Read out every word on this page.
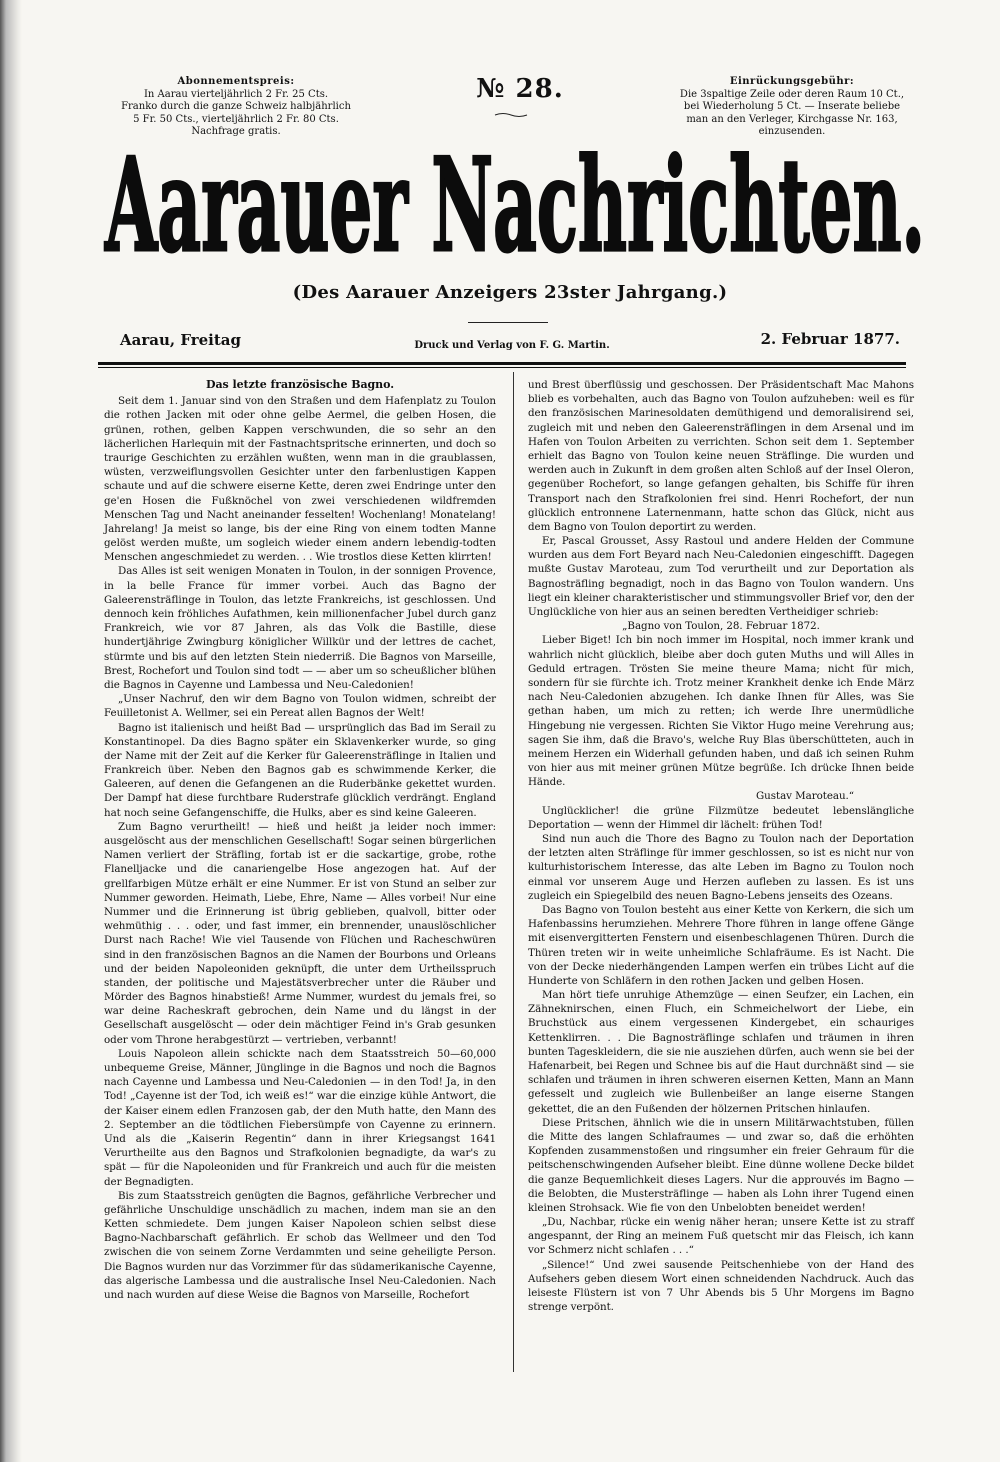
Abonnementspreis:
In Aarau vierteljährlich 2 Fr. 25 Cts.
Franko durch die ganze Schweiz halbjährlich
5 Fr. 50 Cts., vierteljährlich 2 Fr. 80 Cts.
Nachfrage gratis.
№ 28.	Einrückungsgebühr:
Die 3spaltige Zeile oder deren Raum 10 Ct.,
bei Wiederholung 5 Ct. — Inserate beliebe
man an den Verleger, Kirchgasse Nr. 163,
einzusenden.
Aarauer Nachrichten.
(Des Aarauer Anzeigers 23ster Jahrgang.)
Aarau, Freitag	Druck und Verlag von F. G. Martin.	2. Februar 1877.

Das letzte französische Bagno.

Seit dem 1. Januar sind von den Straßen und dem Hafenplatz zu Toulon die rothen Jacken mit oder ohne gelbe Aermel, die gelben Hosen, die grünen, rothen, gelben Kappen verschwunden, die so sehr an den lächerlichen Harlequin mit der Fastnachtspritsche erinnerten, und doch so traurige Geschichten zu erzählen wußten, wenn man in die graublassen, wüsten, verzweiflungsvollen Gesichter unter den farbenlustigen Kappen schaute und auf die schwere eiserne Kette, deren zwei Endringe unter den ge'en Hosen die Fußknöchel von zwei verschiedenen wildfremden Menschen Tag und Nacht aneinander fesselten! Wochenlang! Monatelang! Jahrelang! Ja meist so lange, bis der eine Ring von einem todten Manne gelöst werden mußte, um sogleich wieder einem andern lebendig-todten Menschen angeschmiedet zu werden. . . Wie trostlos diese Ketten klirrten!

Das Alles ist seit wenigen Monaten in Toulon, in der sonnigen Provence, in la belle France für immer vorbei. Auch das Bagno der Galeerensträflinge in Toulon, das letzte Frankreichs, ist geschlossen. Und dennoch kein fröhliches Aufathmen, kein millionenfacher Jubel durch ganz Frankreich, wie vor 87 Jahren, als das Volk die Bastille, diese hundertjährige Zwingburg königlicher Willkür und der lettres de cachet, stürmte und bis auf den letzten Stein niederriß. Die Bagnos von Marseille, Brest, Rochefort und Toulon sind todt — — aber um so scheußlicher blühen die Bagnos in Cayenne und Lambessa und Neu-Caledonien!

„Unser Nachruf, den wir dem Bagno von Toulon widmen, schreibt der Feuilletonist A. Wellmer, sei ein Pereat allen Bagnos der Welt!

Bagno ist italienisch und heißt Bad — ursprünglich das Bad im Serail zu Konstantinopel. Da dies Bagno später ein Sklavenkerker wurde, so ging der Name mit der Zeit auf die Kerker für Galeerensträflinge in Italien und Frankreich über. Neben den Bagnos gab es schwimmende Kerker, die Galeeren, auf denen die Gefangenen an die Ruderbänke gekettet wurden. Der Dampf hat diese furchtbare Ruderstrafe glücklich verdrängt. England hat noch seine Gefangenschiffe, die Hulks, aber es sind keine Galeeren.

Zum Bagno verurtheilt! — hieß und heißt ja leider noch immer: ausgelöscht aus der menschlichen Gesellschaft! Sogar seinen bürgerlichen Namen verliert der Sträfling, fortab ist er die sackartige, grobe, rothe Flanelljacke und die canariengelbe Hose angezogen hat. Auf der grellfarbigen Mütze erhält er eine Nummer. Er ist von Stund an selber zur Nummer geworden. Heimath, Liebe, Ehre, Name — Alles vorbei! Nur eine Nummer und die Erinnerung ist übrig geblieben, qualvoll, bitter oder wehmüthig . . . oder, und fast immer, ein brennender, unauslöschlicher Durst nach Rache! Wie viel Tausende von Flüchen und Racheschwüren sind in den französischen Bagnos an die Namen der Bourbons und Orleans und der beiden Napoleoniden geknüpft, die unter dem Urtheilsspruch standen, der politische und Majestätsverbrecher unter die Räuber und Mörder des Bagnos hinabstieß! Arme Nummer, wurdest du jemals frei, so war deine Racheskraft gebrochen, dein Name und du längst in der Gesellschaft ausgelöscht — oder dein mächtiger Feind in's Grab gesunken oder vom Throne herabgestürzt — vertrieben, verbannt!

Louis Napoleon allein schickte nach dem Staatsstreich 50—60,000 unbequeme Greise, Männer, Jünglinge in die Bagnos und noch die Bagnos nach Cayenne und Lambessa und Neu-Caledonien — in den Tod! Ja, in den Tod! „Cayenne ist der Tod, ich weiß es!“ war die einzige kühle Antwort, die der Kaiser einem edlen Franzosen gab, der den Muth hatte, den Mann des 2. September an die tödtlichen Fiebersümpfe von Cayenne zu erinnern. Und als die „Kaiserin Regentin“ dann in ihrer Kriegsangst 1641 Verurtheilte aus den Bagnos und Strafkolonien begnadigte, da war's zu spät — für die Napoleoniden und für Frankreich und auch für die meisten der Begnadigten.

Bis zum Staatsstreich genügten die Bagnos, gefährliche Verbrecher und gefährliche Unschuldige unschädlich zu machen, indem man sie an den Ketten schmiedete. Dem jungen Kaiser Napoleon schien selbst diese Bagno-Nachbarschaft gefährlich. Er schob das Wellmeer und den Tod zwischen die von seinem Zorne Verdammten und seine geheiligte Person. Die Bagnos wurden nur das Vorzimmer für das südamerikanische Cayenne, das algerische Lambessa und die australische Insel Neu-Caledonien. Nach und nach wurden auf diese Weise die Bagnos von Marseille, Rochefort

und Brest überflüssig und geschossen. Der Präsidentschaft Mac Mahons blieb es vorbehalten, auch das Bagno von Toulon aufzuheben: weil es für den französischen Marinesoldaten demüthigend und demoralisirend sei, zugleich mit und neben den Galeerensträflingen in dem Arsenal und im Hafen von Toulon Arbeiten zu verrichten. Schon seit dem 1. September erhielt das Bagno von Toulon keine neuen Sträflinge. Die wurden und werden auch in Zukunft in dem großen alten Schloß auf der Insel Oleron, gegenüber Rochefort, so lange gefangen gehalten, bis Schiffe für ihren Transport nach den Strafkolonien frei sind. Henri Rochefort, der nun glücklich entronnene Laternenmann, hatte schon das Glück, nicht aus dem Bagno von Toulon deportirt zu werden.

Er, Pascal Grousset, Assy Rastoul und andere Helden der Commune wurden aus dem Fort Beyard nach Neu-Caledonien eingeschifft. Dagegen mußte Gustav Maroteau, zum Tod verurtheilt und zur Deportation als Bagnosträfling begnadigt, noch in das Bagno von Toulon wandern. Uns liegt ein kleiner charakteristischer und stimmungsvoller Brief vor, den der Unglückliche von hier aus an seinen beredten Vertheidiger schrieb:

„Bagno von Toulon, 28. Februar 1872.

Lieber Biget! Ich bin noch immer im Hospital, noch immer krank und wahrlich nicht glücklich, bleibe aber doch guten Muths und will Alles in Geduld ertragen. Trösten Sie meine theure Mama; nicht für mich, sondern für sie fürchte ich. Trotz meiner Krankheit denke ich Ende März nach Neu-Caledonien abzugehen. Ich danke Ihnen für Alles, was Sie gethan haben, um mich zu retten; ich werde Ihre unermüdliche Hingebung nie vergessen. Richten Sie Viktor Hugo meine Verehrung aus; sagen Sie ihm, daß die Bravo's, welche Ruy Blas überschütteten, auch in meinem Herzen ein Widerhall gefunden haben, und daß ich seinen Ruhm von hier aus mit meiner grünen Mütze begrüße. Ich drücke Ihnen beide Hände.

Gustav Maroteau.“

Unglücklicher! die grüne Filzmütze bedeutet lebenslängliche Deportation — wenn der Himmel dir lächelt: frühen Tod!

Sind nun auch die Thore des Bagno zu Toulon nach der Deportation der letzten alten Sträflinge für immer geschlossen, so ist es nicht nur von kulturhistorischem Interesse, das alte Leben im Bagno zu Toulon noch einmal vor unserem Auge und Herzen aufleben zu lassen. Es ist uns zugleich ein Spiegelbild des neuen Bagno-Lebens jenseits des Ozeans.

Das Bagno von Toulon besteht aus einer Kette von Kerkern, die sich um Hafenbassins herumziehen. Mehrere Thore führen in lange offene Gänge mit eisenvergitterten Fenstern und eisenbeschlagenen Thüren. Durch die Thüren treten wir in weite unheimliche Schlafräume. Es ist Nacht. Die von der Decke niederhängenden Lampen werfen ein trübes Licht auf die Hunderte von Schläfern in den rothen Jacken und gelben Hosen.

Man hört tiefe unruhige Athemzüge — einen Seufzer, ein Lachen, ein Zähneknirschen, einen Fluch, ein Schmeichelwort der Liebe, ein Bruchstück aus einem vergessenen Kindergebet, ein schauriges Kettenklirren. . . Die Bagnosträflinge schlafen und träumen in ihren bunten Tageskleidern, die sie nie ausziehen dürfen, auch wenn sie bei der Hafenarbeit, bei Regen und Schnee bis auf die Haut durchnäßt sind — sie schlafen und träumen in ihren schweren eisernen Ketten, Mann an Mann gefesselt und zugleich wie Bullenbeißer an lange eiserne Stangen gekettet, die an den Fußenden der hölzernen Pritschen hinlaufen.

Diese Pritschen, ähnlich wie die in unsern Militärwachtstuben, füllen die Mitte des langen Schlafraumes — und zwar so, daß die erhöhten Kopfenden zusammenstoßen und ringsumher ein freier Gehraum für die peitschenschwingenden Aufseher bleibt. Eine dünne wollene Decke bildet die ganze Bequemlichkeit dieses Lagers. Nur die approuvés im Bagno — die Belobten, die Mustersträflinge — haben als Lohn ihrer Tugend einen kleinen Strohsack. Wie fie von den Unbelobten beneidet werden!

„Du, Nachbar, rücke ein wenig näher heran; unsere Kette ist zu straff angespannt, der Ring an meinem Fuß quetscht mir das Fleisch, ich kann vor Schmerz nicht schlafen . . .“

„Silence!“ Und zwei sausende Peitschenhiebe von der Hand des Aufsehers geben diesem Wort einen schneidenden Nachdruck. Auch das leiseste Flüstern ist von 7 Uhr Abends bis 5 Uhr Morgens im Bagno strenge verpönt.
